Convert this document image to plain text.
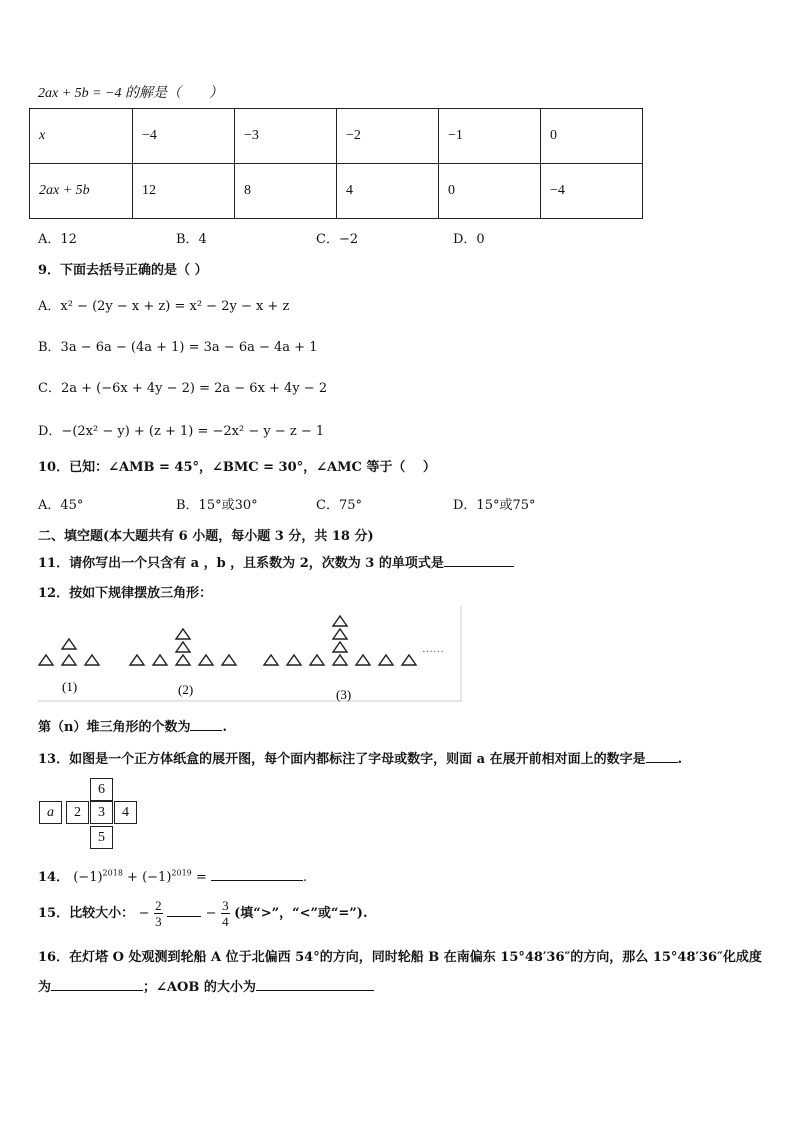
2ax + 5b = −4 的解是（　　）
x	−4	−3	−2	−1	0
2ax + 5b	12	8	4	0	−4
A．12	B．4	C．−2	D．0
9．下面去括号正确的是（ ）
A．x² − (2y − x + z) = x² − 2y − x + z
B．3a − 6a − (4a + 1) = 3a − 6a − 4a + 1
C．2a + (−6x + 4y − 2) = 2a − 6x + 4y − 2
D．−(2x² − y) + (z + 1) = −2x² − y − z − 1
10．已知：∠AMB = 45°，∠BMC = 30°，∠AMC 等于（　 ）
A．45°	B．15°或30°	C．75°	D．15°或75°
二、填空题(本大题共有 6 小题，每小题 3 分，共 18 分)
11．请你写出一个只含有 a ，b ，且系数为 2，次数为 3 的单项式是
12．按如下规律摆放三角形：
(1)	(2)	(3)
……
第（n）堆三角形的个数为 .
13．如图是一个正方体纸盒的展开图，每个面内都标注了字母或数字，则面 a 在展开前相对面上的数字是 .
6
a	2	3	4
5
14． $(-1)^{2018} + (-1)^{2019}$ =	.
15．比较大小： − $\frac{2}{3}$	− $\frac{3}{4}$ (填“>”，“<”或“=”).
16．在灯塔 O 处观测到轮船 A 位于北偏西 54°的方向，同时轮船 B 在南偏东 15°48′36″的方向，那么 15°48′36″化成度
为	；∠AOB 的大小为
